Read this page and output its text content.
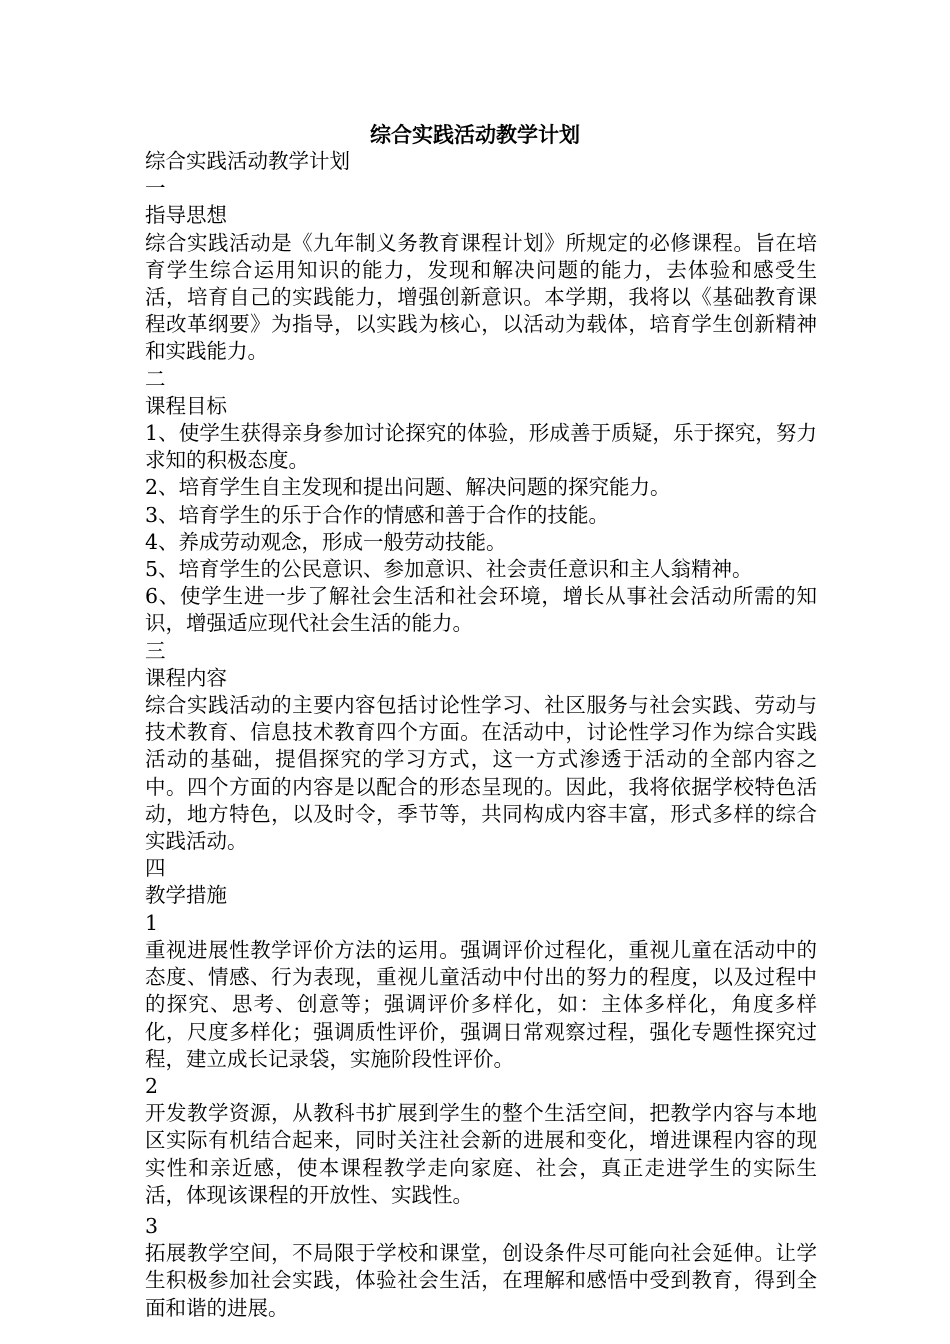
综合实践活动教学计划
综合实践活动教学计划
一
指导思想
综合实践活动是《九年制义务教育课程计划》所规定的必修课程。旨在培育学生综合运用知识的能力，发现和解决问题的能力，去体验和感受生活，培育自己的实践能力，增强创新意识。本学期，我将以《基础教育课程改革纲要》为指导，以实践为核心，以活动为载体，培育学生创新精神和实践能力。
二
课程目标
1、使学生获得亲身参加讨论探究的体验，形成善于质疑，乐于探究，努力求知的积极态度。
2、培育学生自主发现和提出问题、解决问题的探究能力。
3、培育学生的乐于合作的情感和善于合作的技能。
4、养成劳动观念，形成一般劳动技能。
5、培育学生的公民意识、参加意识、社会责任意识和主人翁精神。
6、使学生进一步了解社会生活和社会环境，增长从事社会活动所需的知识，增强适应现代社会生活的能力。
三
课程内容
综合实践活动的主要内容包括讨论性学习、社区服务与社会实践、劳动与技术教育、信息技术教育四个方面。在活动中，讨论性学习作为综合实践活动的基础，提倡探究的学习方式，这一方式渗透于活动的全部内容之中。四个方面的内容是以配合的形态呈现的。因此，我将依据学校特色活动，地方特色，以及时令，季节等，共同构成内容丰富，形式多样的综合实践活动。
四
教学措施
1
重视进展性教学评价方法的运用。强调评价过程化，重视儿童在活动中的态度、情感、行为表现，重视儿童活动中付出的努力的程度，以及过程中的探究、思考、创意等；强调评价多样化，如：主体多样化，角度多样化，尺度多样化；强调质性评价，强调日常观察过程，强化专题性探究过程，建立成长记录袋，实施阶段性评价。
2
开发教学资源，从教科书扩展到学生的整个生活空间，把教学内容与本地区实际有机结合起来，同时关注社会新的进展和变化，增进课程内容的现实性和亲近感，使本课程教学走向家庭、社会，真正走进学生的实际生活，体现该课程的开放性、实践性。
3
拓展教学空间，不局限于学校和课堂，创设条件尽可能向社会延伸。让学生积极参加社会实践，体验社会生活，在理解和感悟中受到教育，得到全面和谐的进展。
